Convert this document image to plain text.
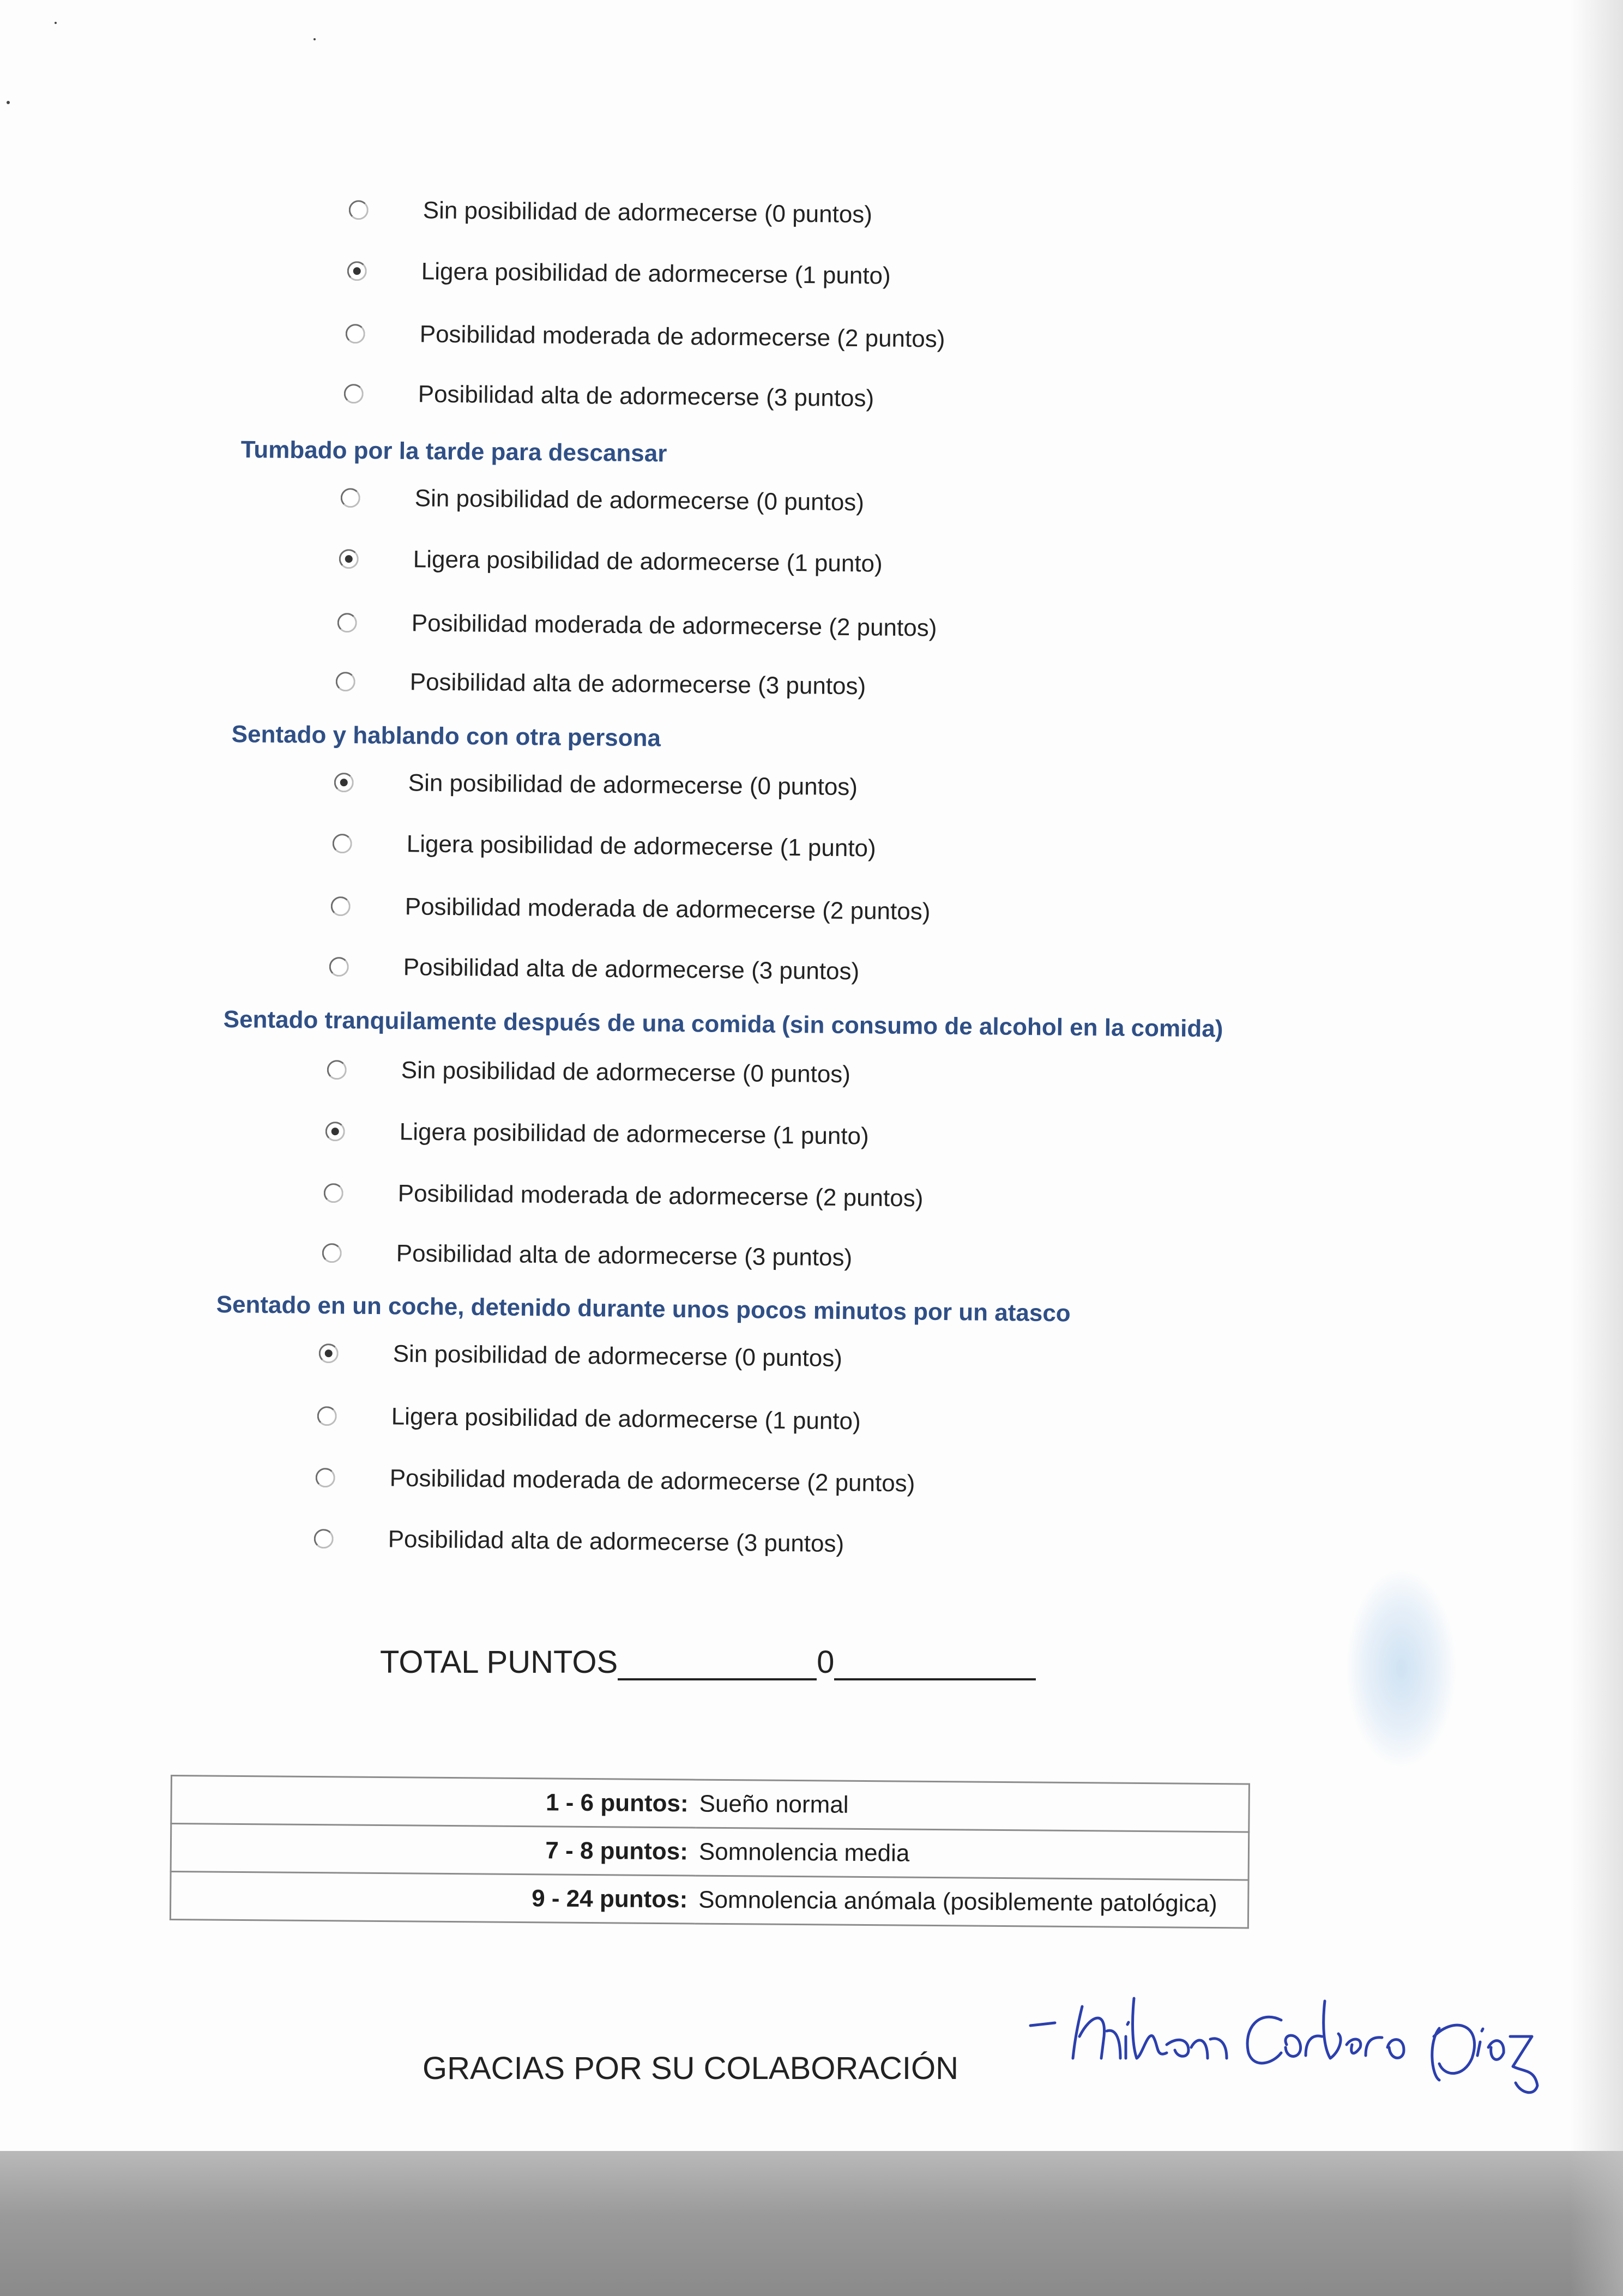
Sin posibilidad de adormecerse (0 puntos)
Ligera posibilidad de adormecerse (1 punto)
Posibilidad moderada de adormecerse (2 puntos)
Posibilidad alta de adormecerse (3 puntos)
Tumbado por la tarde para descansar
Sin posibilidad de adormecerse (0 puntos)
Ligera posibilidad de adormecerse (1 punto)
Posibilidad moderada de adormecerse (2 puntos)
Posibilidad alta de adormecerse (3 puntos)
Sentado y hablando con otra persona
Sin posibilidad de adormecerse (0 puntos)
Ligera posibilidad de adormecerse (1 punto)
Posibilidad moderada de adormecerse (2 puntos)
Posibilidad alta de adormecerse (3 puntos)
Sentado tranquilamente después de una comida (sin consumo de alcohol en la comida)
Sin posibilidad de adormecerse (0 puntos)
Ligera posibilidad de adormecerse (1 punto)
Posibilidad moderada de adormecerse (2 puntos)
Posibilidad alta de adormecerse (3 puntos)
Sentado en un coche, detenido durante unos pocos minutos por un atasco
Sin posibilidad de adormecerse (0 puntos)
Ligera posibilidad de adormecerse (1 punto)
Posibilidad moderada de adormecerse (2 puntos)
Posibilidad alta de adormecerse (3 puntos)
TOTAL PUNTOS	0
1 - 6 puntos:	Sueño normal
7 - 8 puntos:	Somnolencia media
9 - 24 puntos:	Somnolencia anómala (posiblemente patológica)
- Nilson Cordero Diaz
GRACIAS POR SU COLABORACIÓN
